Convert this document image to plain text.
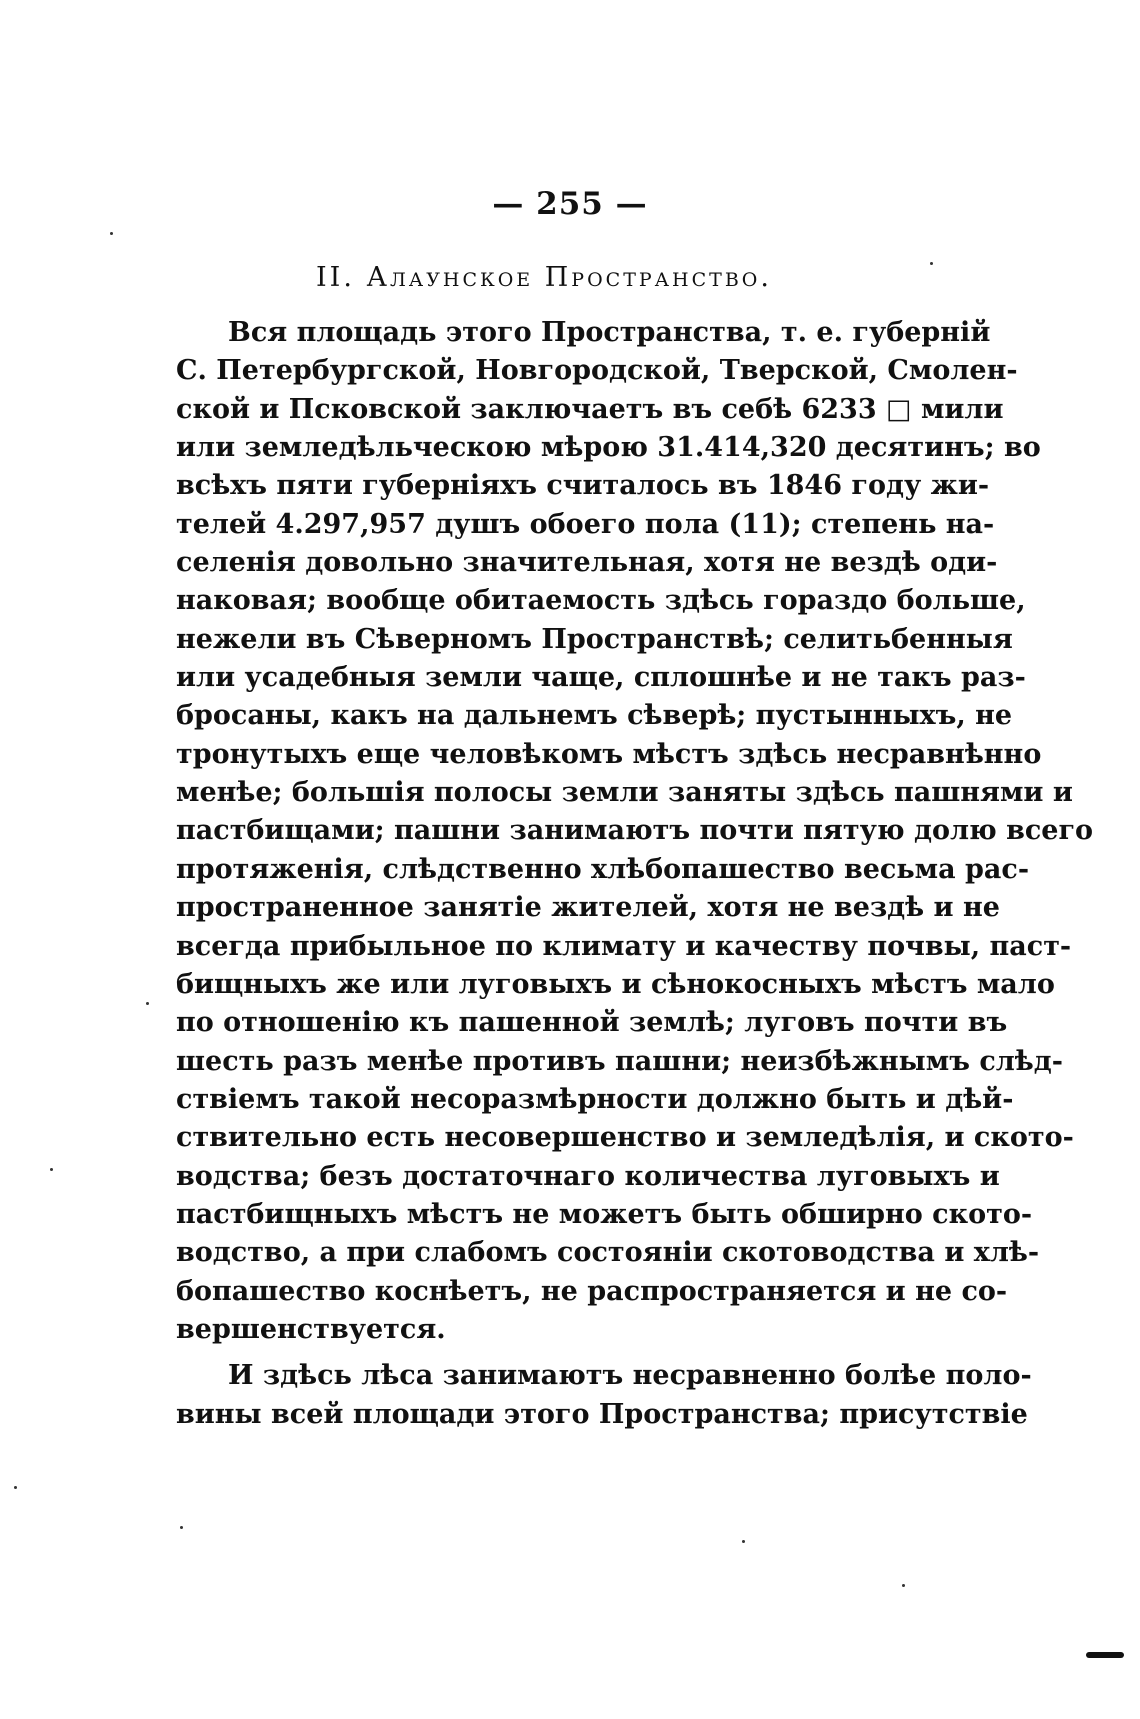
— 255 —
II. Алаунское Пространство.
Вся площадь этого Пространства, т. е. губерній
С. Петербургской, Новгородской, Тверской, Смолен-
ской и Псковской заключаетъ въ себѣ 6233 □ мили
или земледѣльческою мѣрою 31.414,320 десятинъ; во
всѣхъ пяти губерніяхъ считалось въ 1846 году жи-
телей 4.297,957 душъ обоего пола (11); степень на-
селенія довольно значительная, хотя не вездѣ оди-
наковая; вообще обитаемость здѣсь гораздо больше,
нежели въ Сѣверномъ Пространствѣ; селитьбенныя
или усадебныя земли чаще, сплошнѣе и не такъ раз-
бросаны, какъ на дальнемъ сѣверѣ; пустынныхъ, не
тронутыхъ еще человѣкомъ мѣстъ здѣсь несравнѣнно
менѣе; большія полосы земли заняты здѣсь пашнями и
пастбищами; пашни занимаютъ почти пятую долю всего
протяженія, слѣдственно хлѣбопашество весьма рас-
пространенное занятіе жителей, хотя не вездѣ и не
всегда прибыльное по климату и качеству почвы, паст-
бищныхъ же или луговыхъ и сѣнокосныхъ мѣстъ мало
по отношенію къ пашенной землѣ; луговъ почти въ
шесть разъ менѣе противъ пашни; неизбѣжнымъ слѣд-
ствіемъ такой несоразмѣрности должно быть и дѣй-
ствительно есть несовершенство и земледѣлія, и ското-
водства; безъ достаточнаго количества луговыхъ и
пастбищныхъ мѣстъ не можетъ быть обширно ското-
водство, а при слабомъ состояніи скотоводства и хлѣ-
бопашество коснѣетъ, не распространяется и не со-
вершенствуется.
И здѣсь лѣса занимаютъ несравненно болѣе поло-
вины всей площади этого Пространства; присутствіе
